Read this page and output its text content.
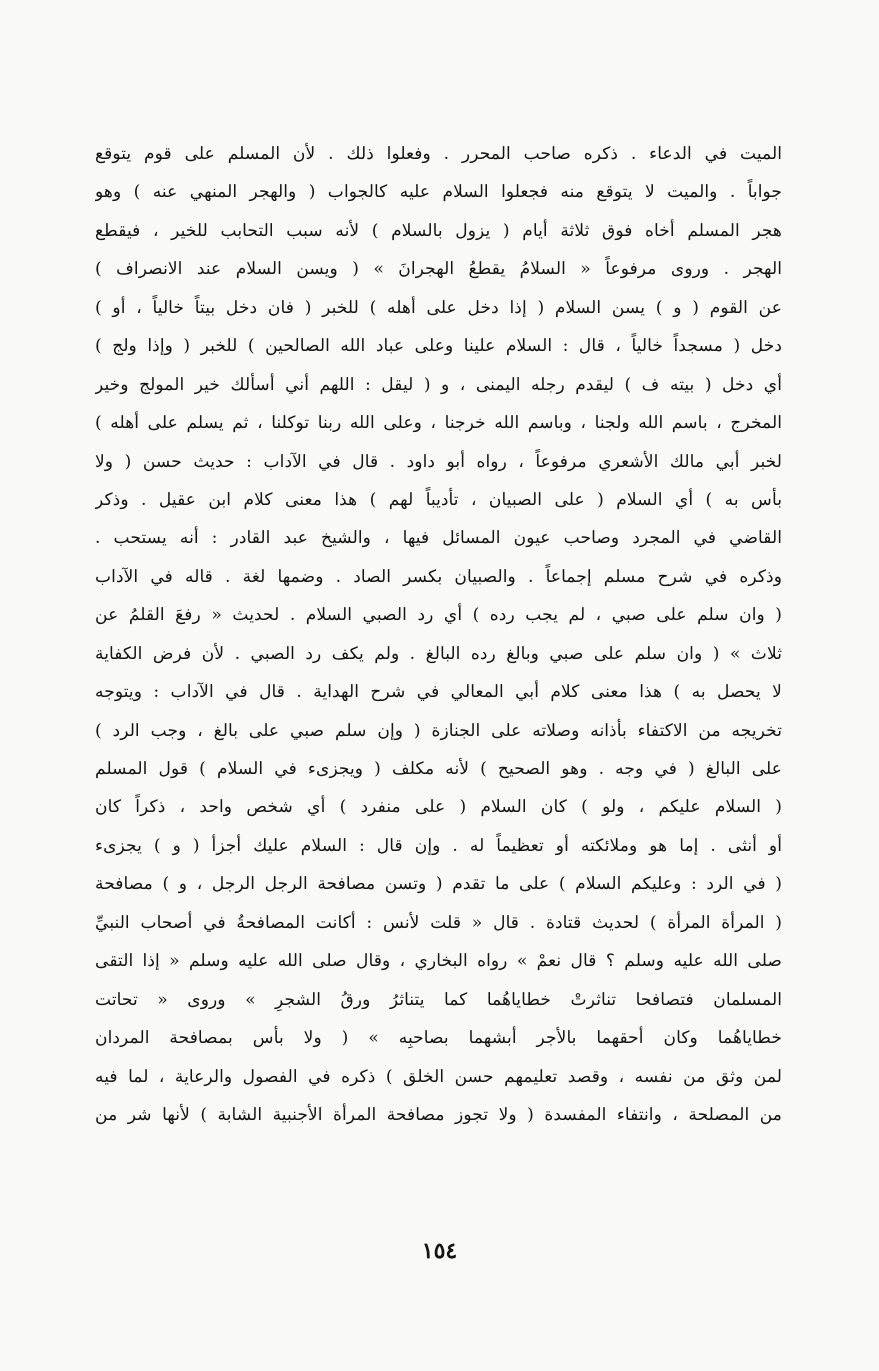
الميت في الدعاء . ذكره صاحب المحرر . وفعلوا ذلك . لأن المسلم على قوم يتوقع
جواباً . والميت لا يتوقع منه فجعلوا السلام عليه كالجواب ( والهجر المنهي عنه ) وهو
هجر المسلم أخاه فوق ثلاثة أيام ( يزول بالسلام ) لأنه سبب التحابب للخير ، فيقطع
الهجر . وروى مرفوعاً « السلامُ يقطعُ الهجرانَ » ( ويسن السلام عند الانصراف )
عن القوم ( و ) يسن السلام ( إذا دخل على أهله ) للخبر ( فان دخل بيتاً خالياً ، أو )
دخل ( مسجداً خالياً ، قال : السلام علينا وعلى عباد الله الصالحين ) للخبر ( وإذا ولج )
أي دخل ( بيته ف ) ليقدم رجله اليمنى ، و ( ليقل : اللهم أني أسألك خير المولج وخير
المخرج ، باسم الله ولجنا ، وباسم الله خرجنا ، وعلى الله ربنا توكلنا ، ثم يسلم على أهله )
لخبر أبي مالك الأشعري مرفوعاً ، رواه أبو داود . قال في الآداب : حديث حسن ( ولا
بأس به ) أي السلام ( على الصبيان ، تأديباً لهم ) هذا معنى كلام ابن عقيل . وذكر
القاضي في المجرد وصاحب عيون المسائل فيها ، والشيخ عبد القادر : أنه يستحب .
وذكره في شرح مسلم إجماعاً . والصبيان بكسر الصاد . وضمها لغة . قاله في الآداب
( وان سلم على صبي ، لم يجب رده ) أي رد الصبي السلام . لحديث « رفعَ القلمُ عن
ثلاث » ( وان سلم على صبي وبالغ رده البالغ . ولم يكف رد الصبي . لأن فرض الكفاية
لا يحصل به ) هذا معنى كلام أبي المعالي في شرح الهداية . قال في الآداب : ويتوجه
تخريجه من الاكتفاء بأذانه وصلاته على الجنازة ( وإن سلم صبي على بالغ ، وجب الرد )
على البالغ ( في وجه . وهو الصحيح ) لأنه مكلف ( ويجزىء في السلام ) قول المسلم
( السلام عليكم ، ولو ) كان السلام ( على منفرد ) أي شخص واحد ، ذكراً كان
أو أنثى . إما هو وملائكته أو تعظيماً له . وإن قال : السلام عليك أجزأ ( و ) يجزىء
( في الرد : وعليكم السلام ) على ما تقدم ( وتسن مصافحة الرجل الرجل ، و ) مصافحة
( المرأة المرأة ) لحديث قتادة . قال « قلت لأنس : أكانت المصافحةُ في أصحاب النبيِّ
صلى الله عليه وسلم ؟ قال نعمْ » رواه البخاري ، وقال صلى الله عليه وسلم « إذا التقى
المسلمان فتصافحا تناثرتْ خطاياهُما كما يتناثرُ ورقُ الشجرِ » وروى « تحاتت
خطاياهُما وكان أحقهما بالأجر أبشهما بصاحبِه » ( ولا بأس بمصافحة المردان
لمن وثق من نفسه ، وقصد تعليمهم حسن الخلق ) ذكره في الفصول والرعاية ، لما فيه
من المصلحة ، وانتفاء المفسدة ( ولا تجوز مصافحة المرأة الأجنبية الشابة ) لأنها شر من
١٥٤
